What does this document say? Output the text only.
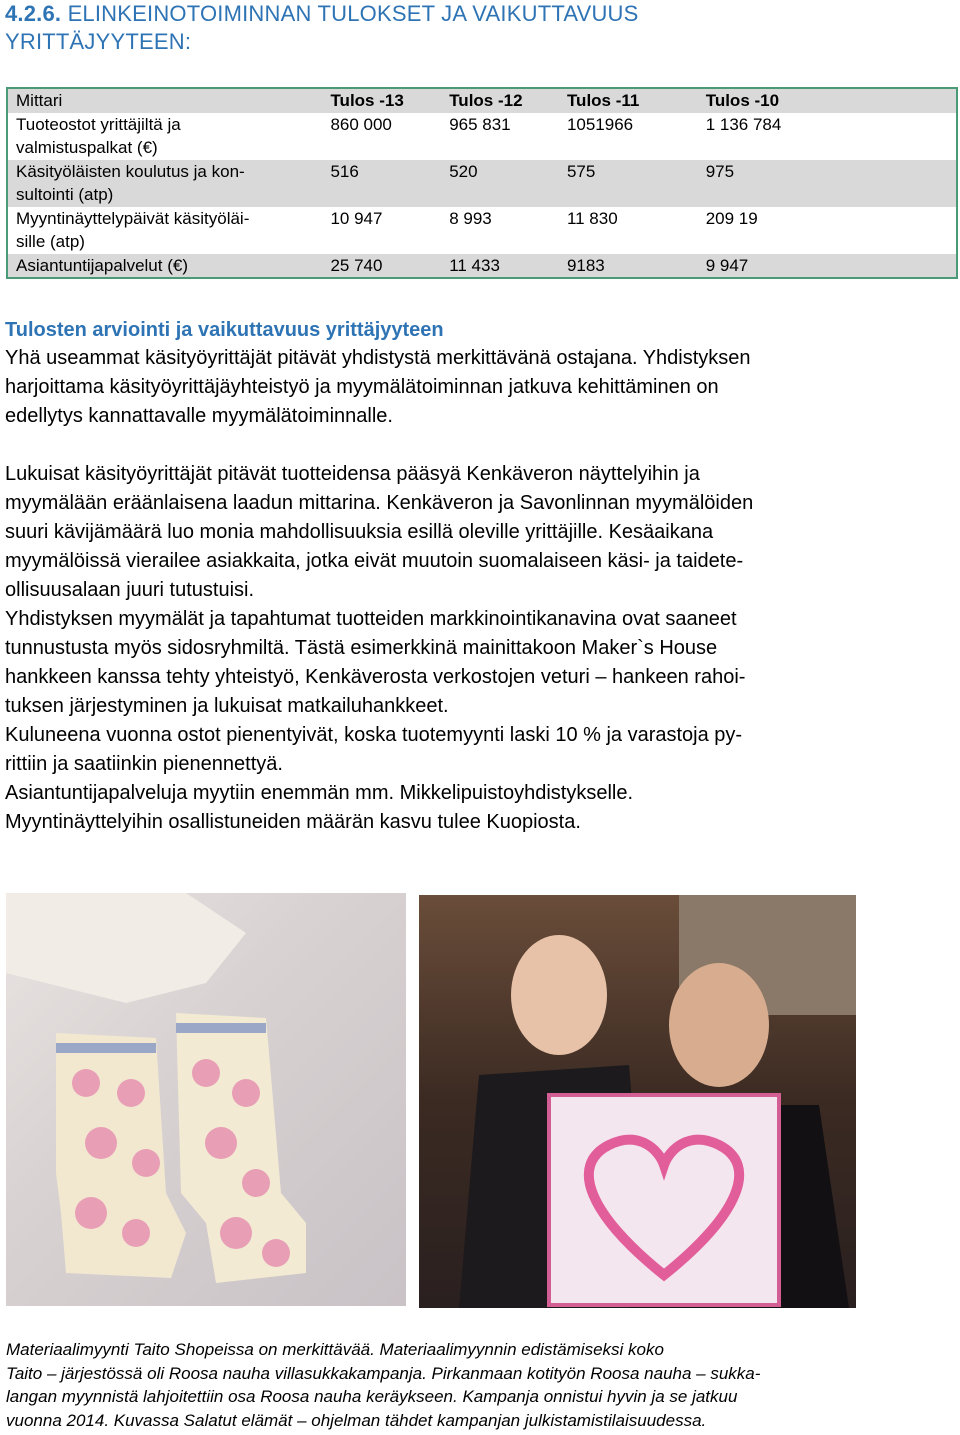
4.2.6. ELINKEINOTOIMINNAN TULOKSET JA VAIKUTTAVUUS
YRITTÄJYYTEEN:
Mittari	Tulos -13	Tulos -12	Tulos -11	Tulos -10

Tuoteostot yrittäjiltä ja
valmistuspalkat (€)	860 000	965 831	1051966	1 136 784

Käsityöläisten koulutus ja kon-
sultointi (atp)	516	520	575	975

Myyntinäyttelypäivät käsityöläi-
sille (atp)	10 947	8 993	11 830	209 19
Asiantuntijapalvelut (€)	25 740	11 433	9183	9 947
Tulosten arviointi ja vaikuttavuus yrittäjyyteen
Yhä useammat käsityöyrittäjät pitävät yhdistystä merkittävänä ostajana. Yhdistyksen
harjoittama käsityöyrittäjäyhteistyö ja myymälätoiminnan jatkuva kehittäminen on
edellytys kannattavalle myymälätoiminnalle.
Lukuisat käsityöyrittäjät pitävät tuotteidensa pääsyä Kenkäveron näyttelyihin ja
myymälään eräänlaisena laadun mittarina. Kenkäveron ja Savonlinnan myymälöiden
suuri kävijämäärä luo monia mahdollisuuksia esillä oleville yrittäjille. Kesäaikana
myymälöissä vierailee asiakkaita, jotka eivät muutoin suomalaiseen käsi- ja taidete-
ollisuusalaan juuri tutustuisi.
Yhdistyksen myymälät ja tapahtumat tuotteiden markkinointikanavina ovat saaneet
tunnustusta myös sidosryhmiltä. Tästä esimerkkinä mainittakoon Maker`s House
hankkeen kanssa tehty yhteistyö, Kenkäverosta verkostojen veturi – hankeen rahoi-
tuksen järjestyminen ja lukuisat matkailuhankkeet.
Kuluneena vuonna ostot pienentyivät, koska tuotemyynti laski 10 % ja varastoja py-
rittiin ja saatiinkin pienennettyä.
Asiantuntijapalveluja myytiin enemmän mm. Mikkelipuistoyhdistykselle.
Myyntinäyttelyihin osallistuneiden määrän kasvu tulee Kuopiosta.
Materiaalimyynti Taito Shopeissa on merkittävää. Materiaalimyynnin edistämiseksi koko
Taito – järjestössä oli Roosa nauha villasukkakampanja. Pirkanmaan kotityön Roosa nauha – sukka-
langan myynnistä lahjoitettiin osa Roosa nauha keräykseen. Kampanja onnistui hyvin ja se jatkuu
vuonna 2014. Kuvassa Salatut elämät – ohjelman tähdet kampanjan julkistamistilaisuudessa.
